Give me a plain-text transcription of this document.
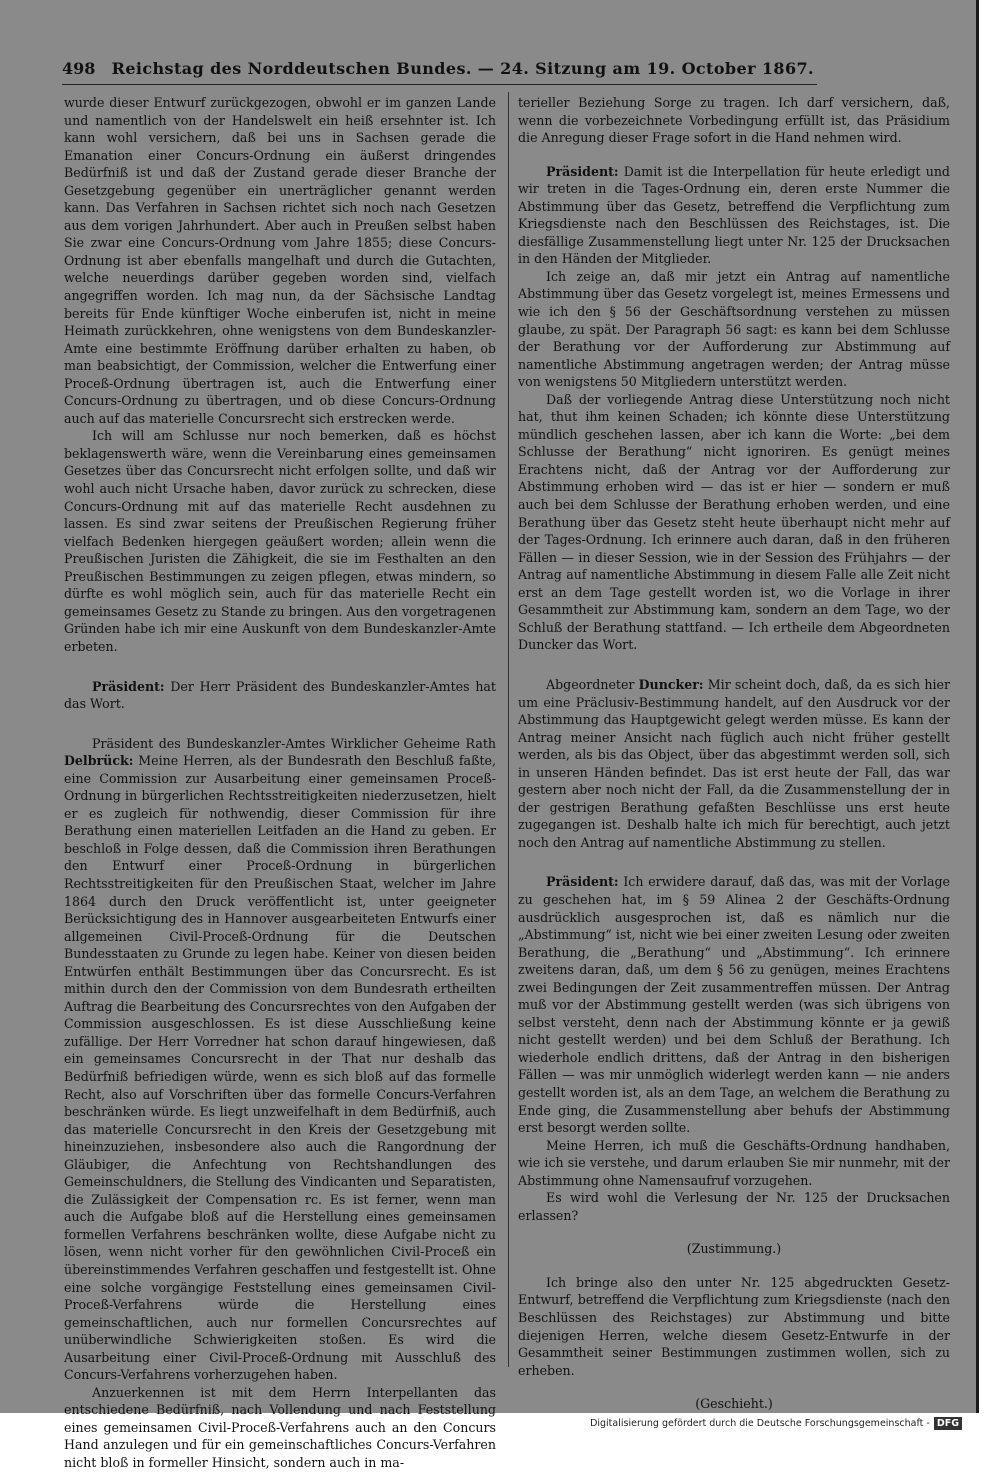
498 Reichstag des Norddeutschen Bundes. — 24. Sitzung am 19. October 1867.

wurde dieser Entwurf zurückgezogen, obwohl er im ganzen Lande und namentlich von der Handelswelt ein heiß ersehnter ist. Ich kann wohl versichern, daß bei uns in Sachsen gerade die Emanation einer Concurs-Ordnung ein äußerst dringendes Bedürfniß ist und daß der Zustand gerade dieser Branche der Gesetzgebung gegenüber ein unerträglicher genannt werden kann. Das Verfahren in Sachsen richtet sich noch nach Gesetzen aus dem vorigen Jahrhundert. Aber auch in Preußen selbst haben Sie zwar eine Concurs-Ordnung vom Jahre 1855; diese Concurs-Ordnung ist aber ebenfalls mangelhaft und durch die Gutachten, welche neuerdings darüber gegeben worden sind, vielfach angegriffen worden. Ich mag nun, da der Sächsische Landtag bereits für Ende künftiger Woche einberufen ist, nicht in meine Heimath zurückkehren, ohne wenigstens von dem Bundeskanzler-Amte eine bestimmte Eröffnung darüber erhalten zu haben, ob man beabsichtigt, der Commission, welcher die Entwerfung einer Proceß-Ordnung übertragen ist, auch die Entwerfung einer Concurs-Ordnung zu übertragen, und ob diese Concurs-Ordnung auch auf das materielle Concursrecht sich erstrecken werde.

Ich will am Schlusse nur noch bemerken, daß es höchst beklagenswerth wäre, wenn die Vereinbarung eines gemeinsamen Gesetzes über das Concursrecht nicht erfolgen sollte, und daß wir wohl auch nicht Ursache haben, davor zurück zu schrecken, diese Concurs-Ordnung mit auf das materielle Recht ausdehnen zu lassen. Es sind zwar seitens der Preußischen Regierung früher vielfach Bedenken hiergegen geäußert worden; allein wenn die Preußischen Juristen die Zähigkeit, die sie im Festhalten an den Preußischen Bestimmungen zu zeigen pflegen, etwas mindern, so dürfte es wohl möglich sein, auch für das materielle Recht ein gemeinsames Gesetz zu Stande zu bringen. Aus den vorgetragenen Gründen habe ich mir eine Auskunft von dem Bundeskanzler-Amte erbeten.

Präsident: Der Herr Präsident des Bundeskanzler-Amtes hat das Wort.

Präsident des Bundeskanzler-Amtes Wirklicher Geheime Rath Delbrück: Meine Herren, als der Bundesrath den Beschluß faßte, eine Commission zur Ausarbeitung einer gemeinsamen Proceß-Ordnung in bürgerlichen Rechtsstreitigkeiten niederzusetzen, hielt er es zugleich für nothwendig, dieser Commission für ihre Berathung einen materiellen Leitfaden an die Hand zu geben. Er beschloß in Folge dessen, daß die Commission ihren Berathungen den Entwurf einer Proceß-Ordnung in bürgerlichen Rechtsstreitigkeiten für den Preußischen Staat, welcher im Jahre 1864 durch den Druck veröffentlicht ist, unter geeigneter Berücksichtigung des in Hannover ausgearbeiteten Entwurfs einer allgemeinen Civil-Proceß-Ordnung für die Deutschen Bundesstaaten zu Grunde zu legen habe. Keiner von diesen beiden Entwürfen enthält Bestimmungen über das Concursrecht. Es ist mithin durch den der Commission von dem Bundesrath ertheilten Auftrag die Bearbeitung des Concursrechtes von den Aufgaben der Commission ausgeschlossen. Es ist diese Ausschließung keine zufällige. Der Herr Vorredner hat schon darauf hingewiesen, daß ein gemeinsames Concursrecht in der That nur deshalb das Bedürfniß befriedigen würde, wenn es sich bloß auf das formelle Recht, also auf Vorschriften über das formelle Concurs-Verfahren beschränken würde. Es liegt unzweifelhaft in dem Bedürfniß, auch das materielle Concursrecht in den Kreis der Gesetzgebung mit hineinzuziehen, insbesondere also auch die Rangordnung der Gläubiger, die Anfechtung von Rechtshandlungen des Gemeinschuldners, die Stellung des Vindicanten und Separatisten, die Zulässigkeit der Compensation rc. Es ist ferner, wenn man auch die Aufgabe bloß auf die Herstellung eines gemeinsamen formellen Verfahrens beschränken wollte, diese Aufgabe nicht zu lösen, wenn nicht vorher für den gewöhnlichen Civil-Proceß ein übereinstimmendes Verfahren geschaffen und festgestellt ist. Ohne eine solche vorgängige Feststellung eines gemeinsamen Civil-Proceß-Verfahrens würde die Herstellung eines gemeinschaftlichen, auch nur formellen Concursrechtes auf unüberwindliche Schwierigkeiten stoßen. Es wird die Ausarbeitung einer Civil-Proceß-Ordnung mit Ausschluß des Concurs-Verfahrens vorherzugehen haben.

Anzuerkennen ist mit dem Herrn Interpellanten das entschiedene Bedürfniß, nach Vollendung und nach Feststellung eines gemeinsamen Civil-Proceß-Verfahrens auch an den Concurs Hand anzulegen und für ein gemeinschaftliches Concurs-Verfahren nicht bloß in formeller Hinsicht, sondern auch in ma-

terieller Beziehung Sorge zu tragen. Ich darf versichern, daß, wenn die vorbezeichnete Vorbedingung erfüllt ist, das Präsidium die Anregung dieser Frage sofort in die Hand nehmen wird.

Präsident: Damit ist die Interpellation für heute erledigt und wir treten in die Tages-Ordnung ein, deren erste Nummer die Abstimmung über das Gesetz, betreffend die Verpflichtung zum Kriegsdienste nach den Beschlüssen des Reichstages, ist. Die diesfällige Zusammenstellung liegt unter Nr. 125 der Drucksachen in den Händen der Mitglieder.

Ich zeige an, daß mir jetzt ein Antrag auf namentliche Abstimmung über das Gesetz vorgelegt ist, meines Ermessens und wie ich den § 56 der Geschäftsordnung verstehen zu müssen glaube, zu spät. Der Paragraph 56 sagt: es kann bei dem Schlusse der Berathung vor der Aufforderung zur Abstimmung auf namentliche Abstimmung angetragen werden; der Antrag müsse von wenigstens 50 Mitgliedern unterstützt werden.

Daß der vorliegende Antrag diese Unterstützung noch nicht hat, thut ihm keinen Schaden; ich könnte diese Unterstützung mündlich geschehen lassen, aber ich kann die Worte: „bei dem Schlusse der Berathung“ nicht ignoriren. Es genügt meines Erachtens nicht, daß der Antrag vor der Aufforderung zur Abstimmung erhoben wird — das ist er hier — sondern er muß auch bei dem Schlusse der Berathung erhoben werden, und eine Berathung über das Gesetz steht heute überhaupt nicht mehr auf der Tages-Ordnung. Ich erinnere auch daran, daß in den früheren Fällen — in dieser Session, wie in der Session des Frühjahrs — der Antrag auf namentliche Abstimmung in diesem Falle alle Zeit nicht erst an dem Tage gestellt worden ist, wo die Vorlage in ihrer Gesammtheit zur Abstimmung kam, sondern an dem Tage, wo der Schluß der Berathung stattfand. — Ich ertheile dem Abgeordneten Duncker das Wort.

Abgeordneter Duncker: Mir scheint doch, daß, da es sich hier um eine Präclusiv-Bestimmung handelt, auf den Ausdruck vor der Abstimmung das Hauptgewicht gelegt werden müsse. Es kann der Antrag meiner Ansicht nach füglich auch nicht früher gestellt werden, als bis das Object, über das abgestimmt werden soll, sich in unseren Händen befindet. Das ist erst heute der Fall, das war gestern aber noch nicht der Fall, da die Zusammenstellung der in der gestrigen Berathung gefaßten Beschlüsse uns erst heute zugegangen ist. Deshalb halte ich mich für berechtigt, auch jetzt noch den Antrag auf namentliche Abstimmung zu stellen.

Präsident: Ich erwidere darauf, daß das, was mit der Vorlage zu geschehen hat, im § 59 Alinea 2 der Geschäfts-Ordnung ausdrücklich ausgesprochen ist, daß es nämlich nur die „Abstimmung“ ist, nicht wie bei einer zweiten Lesung oder zweiten Berathung, die „Berathung“ und „Abstimmung“. Ich erinnere zweitens daran, daß, um dem § 56 zu genügen, meines Erachtens zwei Bedingungen der Zeit zusammentreffen müssen. Der Antrag muß vor der Abstimmung gestellt werden (was sich übrigens von selbst versteht, denn nach der Abstimmung könnte er ja gewiß nicht gestellt werden) und bei dem Schluß der Berathung. Ich wiederhole endlich drittens, daß der Antrag in den bisherigen Fällen — was mir unmöglich widerlegt werden kann — nie anders gestellt worden ist, als an dem Tage, an welchem die Berathung zu Ende ging, die Zusammenstellung aber behufs der Abstimmung erst besorgt werden sollte.

Meine Herren, ich muß die Geschäfts-Ordnung handhaben, wie ich sie verstehe, und darum erlauben Sie mir nunmehr, mit der Abstimmung ohne Namensaufruf vorzugehen.

Es wird wohl die Verlesung der Nr. 125 der Drucksachen erlassen?

(Zustimmung.)

Ich bringe also den unter Nr. 125 abgedruckten Gesetz-Entwurf, betreffend die Verpflichtung zum Kriegsdienste (nach den Beschlüssen des Reichstages) zur Abstimmung und bitte diejenigen Herren, welche diesem Gesetz-Entwurfe in der Gesammtheit seiner Bestimmungen zustimmen wollen, sich zu erheben.

(Geschieht.)

Digitalisierung gefördert durch die Deutsche Forschungsgemeinschaft - DFG
